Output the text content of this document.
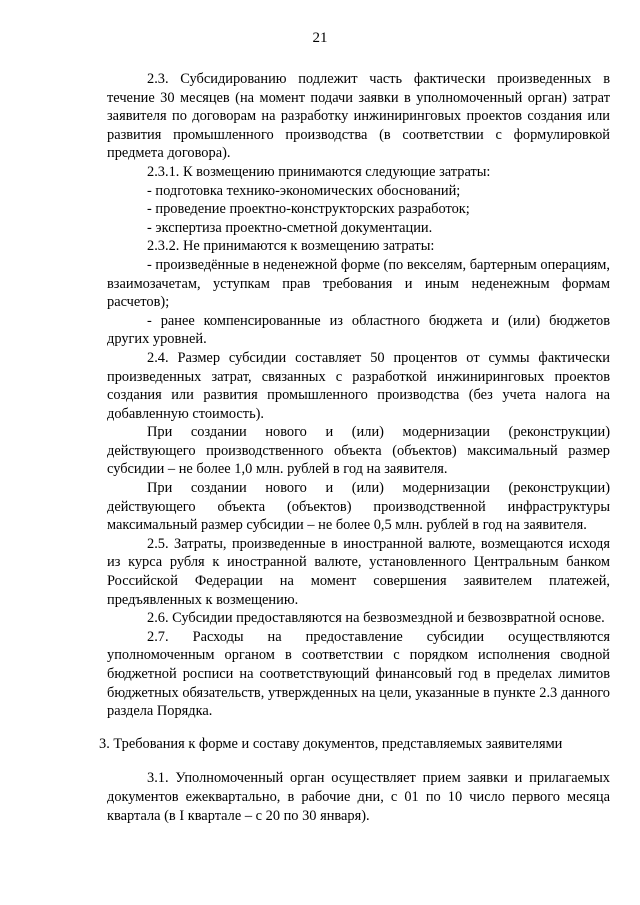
21

2.3. Субсидированию подлежит часть фактически произведенных в течение 30 месяцев (на момент подачи заявки в уполномоченный орган) затрат заявителя по договорам на разработку инжиниринговых проектов создания или развития промышленного производства (в соответствии с формулировкой предмета договора).

2.3.1. К возмещению принимаются следующие затраты:

- подготовка технико-экономических обоснований;

- проведение проектно-конструкторских разработок;

- экспертиза проектно-сметной документации.

2.3.2. Не принимаются к возмещению затраты:

- произведённые в неденежной форме (по векселям, бартерным операциям, взаимозачетам, уступкам прав требования и иным неденежным формам расчетов);

- ранее компенсированные из областного бюджета и (или) бюджетов других уровней.

2.4. Размер субсидии составляет 50 процентов от суммы фактически произведенных затрат, связанных с разработкой инжиниринговых проектов создания или развития промышленного производства (без учета налога на добавленную стоимость).

При создании нового и (или) модернизации (реконструкции) действующего производственного объекта (объектов) максимальный размер субсидии – не более 1,0 млн. рублей в год на заявителя.

При создании нового и (или) модернизации (реконструкции) действующего объекта (объектов) производственной инфраструктуры максимальный размер субсидии – не более 0,5 млн. рублей в год на заявителя.

2.5. Затраты, произведенные в иностранной валюте, возмещаются исходя из курса рубля к иностранной валюте, установленного Центральным банком Российской Федерации на момент совершения заявителем платежей, предъявленных к возмещению.

2.6. Субсидии предоставляются на безвозмездной и безвозвратной основе.

2.7. Расходы на предоставление субсидии осуществляются уполномоченным органом в соответствии с порядком исполнения сводной бюджетной росписи на соответствующий финансовый год в пределах лимитов бюджетных обязательств, утвержденных на цели, указанные в пункте 2.3 данного раздела Порядка.

3. Требования к форме и составу документов, представляемых заявителями

3.1. Уполномоченный орган осуществляет прием заявки и прилагаемых документов ежеквартально, в рабочие дни, с 01 по 10 число первого месяца квартала (в I квартале – с 20 по 30 января).
